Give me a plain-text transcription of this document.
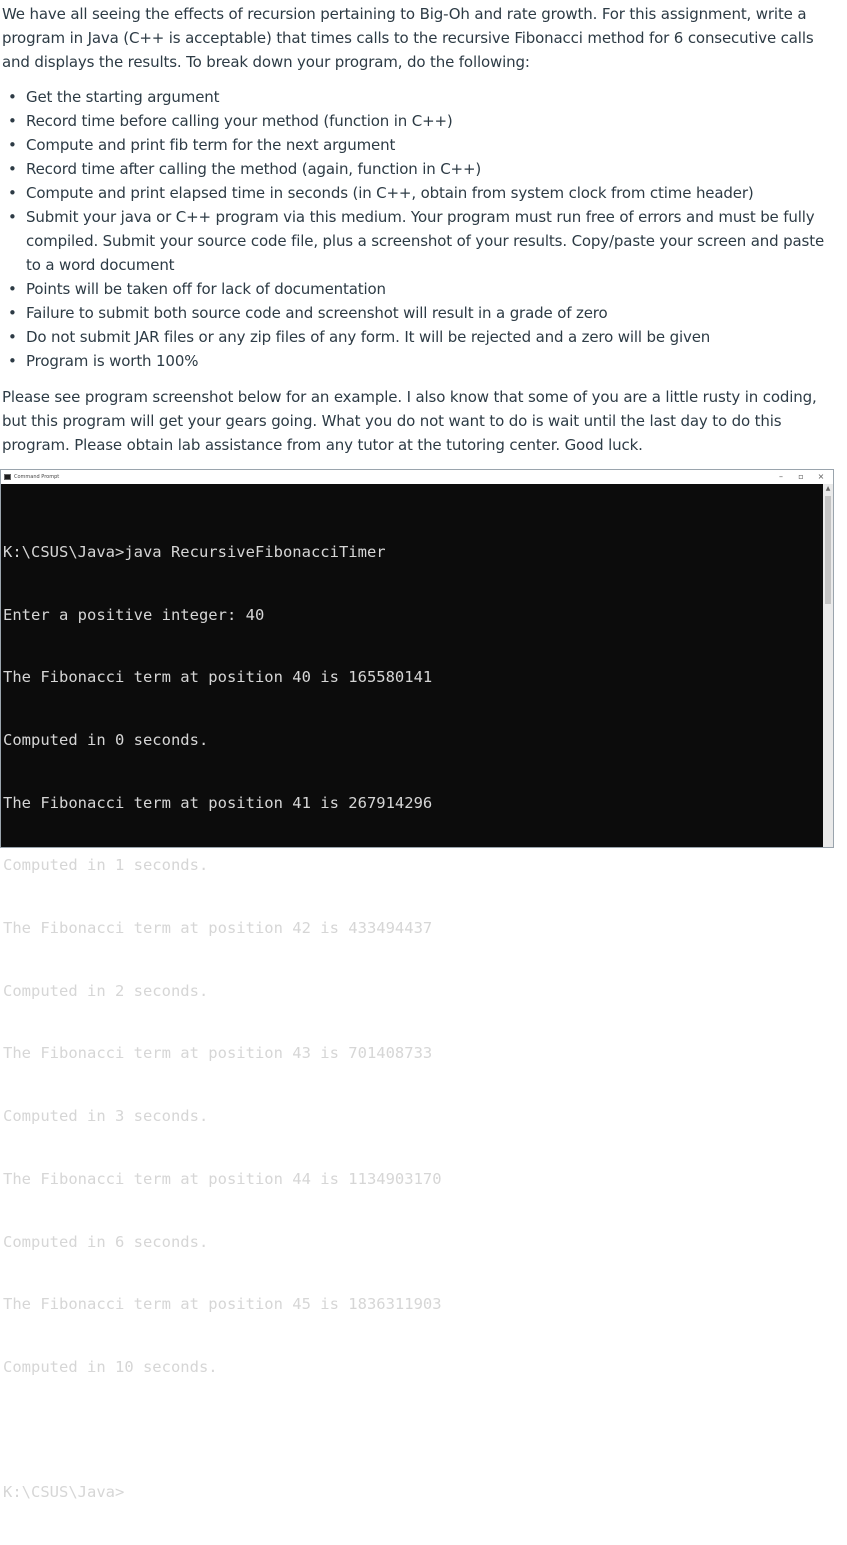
We have all seeing the effects of recursion pertaining to Big-Oh and rate growth. For this assignment, write a program in Java (C++ is acceptable) that times calls to the recursive Fibonacci method for 6 consecutive calls and displays the results. To break down your program, do the following:

• Get the starting argument
• Record time before calling your method (function in C++)
• Compute and print fib term for the next argument
• Record time after calling the method (again, function in C++)
• Compute and print elapsed time in seconds (in C++, obtain from system clock from ctime header)
• Submit your java or C++ program via this medium. Your program must run free of errors and must be fully compiled. Submit your source code file, plus a screenshot of your results. Copy/paste your screen and paste to a word document
• Points will be taken off for lack of documentation
• Failure to submit both source code and screenshot will result in a grade of zero
• Do not submit JAR files or any zip files of any form. It will be rejected and a zero will be given
• Program is worth 100%

Please see program screenshot below for an example. I also know that some of you are a little rusty in coding, but this program will get your gears going. What you do not want to do is wait until the last day to do this program. Please obtain lab assistance from any tutor at the tutoring center. Good luck.

Command Prompt	–	▫	×

K:\CSUS\Java>java RecursiveFibonacciTimer

Enter a positive integer: 40

The Fibonacci term at position 40 is 165580141

Computed in 0 seconds.

The Fibonacci term at position 41 is 267914296

Computed in 1 seconds.

The Fibonacci term at position 42 is 433494437

Computed in 2 seconds.

The Fibonacci term at position 43 is 701408733

Computed in 3 seconds.

The Fibonacci term at position 44 is 1134903170

Computed in 6 seconds.

The Fibonacci term at position 45 is 1836311903

Computed in 10 seconds.

K:\CSUS\Java>

▲
